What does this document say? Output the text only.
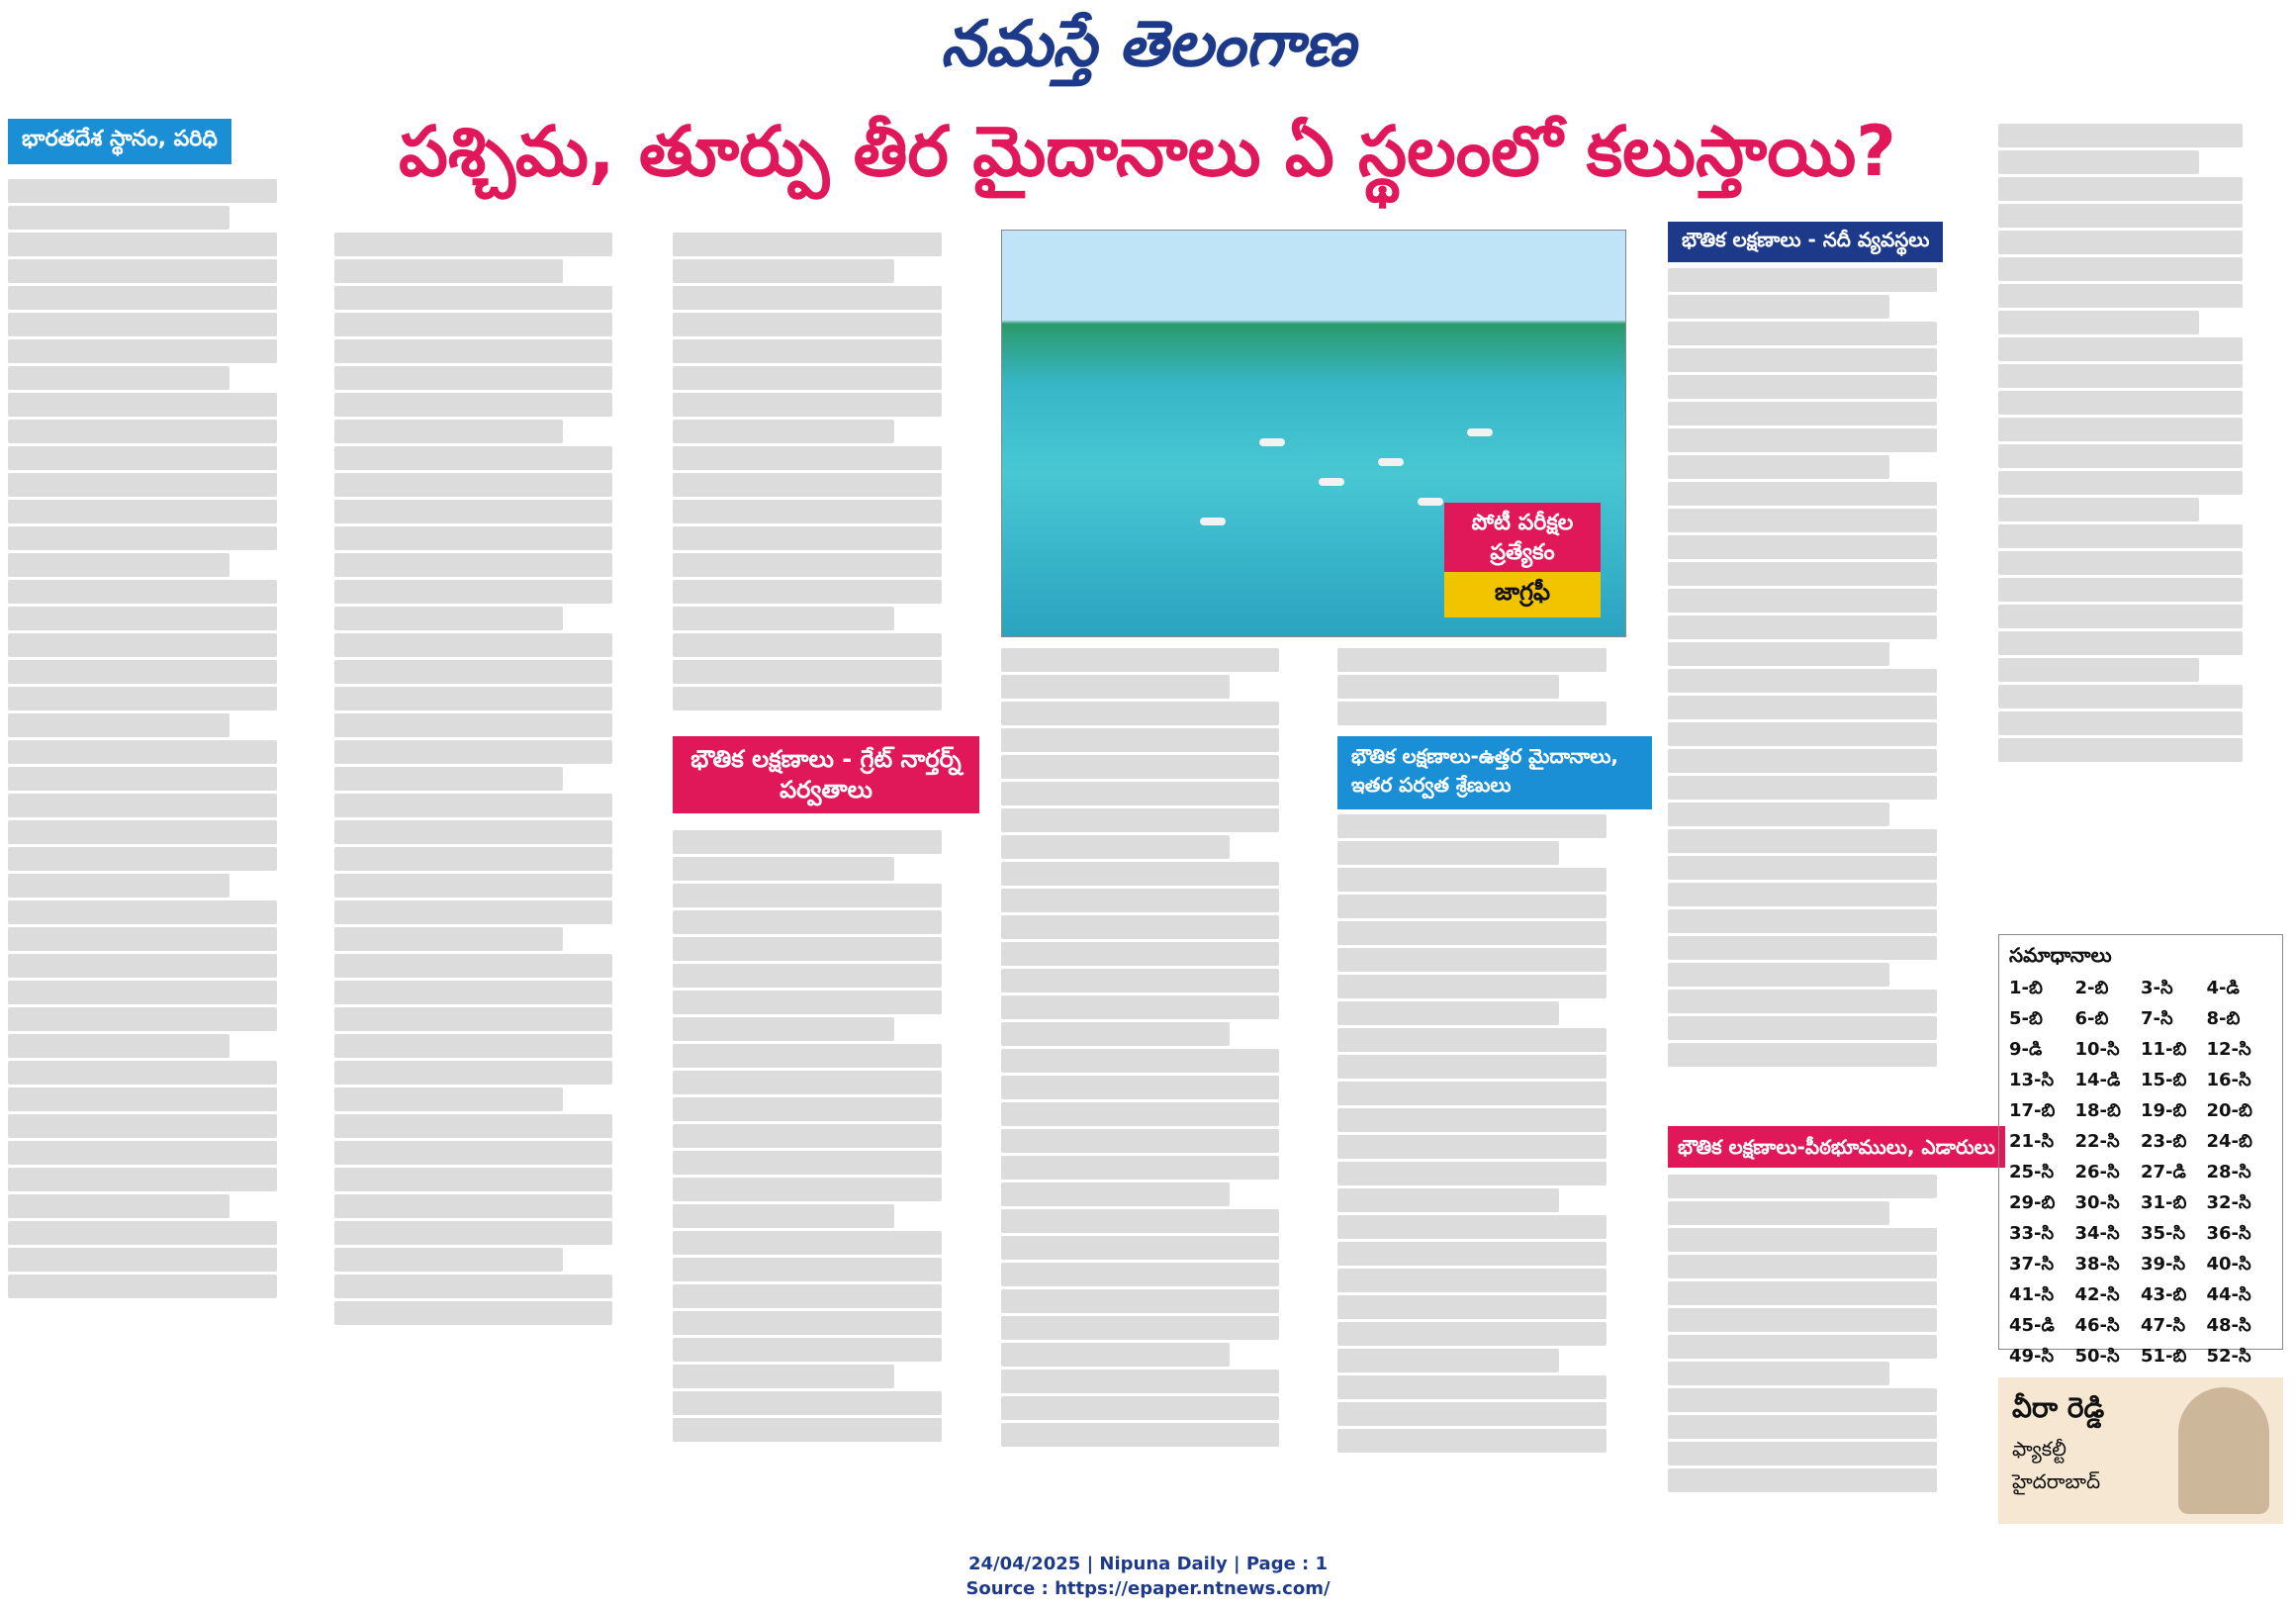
నమస్తే తెలంగాణ
పశ్చిమ, తూర్పు తీర మైదానాలు ఏ స్థలంలో కలుస్తాయి?
భారతదేశ స్థానం, పరిధి
భౌతిక లక్షణాలు - గ్రేట్ నార్తర్న్ పర్వతాలు
భౌతిక లక్షణాలు-ఉత్తర మైదానాలు, ఇతర పర్వత శ్రేణులు
భౌతిక లక్షణాలు - నదీ వ్యవస్థలు
భౌతిక లక్షణాలు-పీఠభూములు, ఎడారులు
పోటీ పరీక్షల ప్రత్యేకం
జాగ్రఫీ
సమాధానాలు
1-బి	2-బి	3-సి	4-డి
5-బి	6-బి	7-సి	8-బి
9-డి	10-సి	11-బి	12-సి
13-సి	14-డి	15-బి	16-సి
17-బి	18-బి	19-బి	20-బి
21-సి	22-సి	23-బి	24-బి
25-సి	26-సి	27-డి	28-సి
29-బి	30-సి	31-బి	32-సి
33-సి	34-సి	35-సి	36-సి
37-సి	38-సి	39-సి	40-సి
41-సి	42-సి	43-బి	44-సి
45-డి	46-సి	47-సి	48-సి
49-సి	50-సి	51-బి	52-సి
వీరా రెడ్డి
ఫ్యాకల్టీ
హైదరాబాద్
24/04/2025 | Nipuna Daily | Page : 1
Source : https://epaper.ntnews.com/
